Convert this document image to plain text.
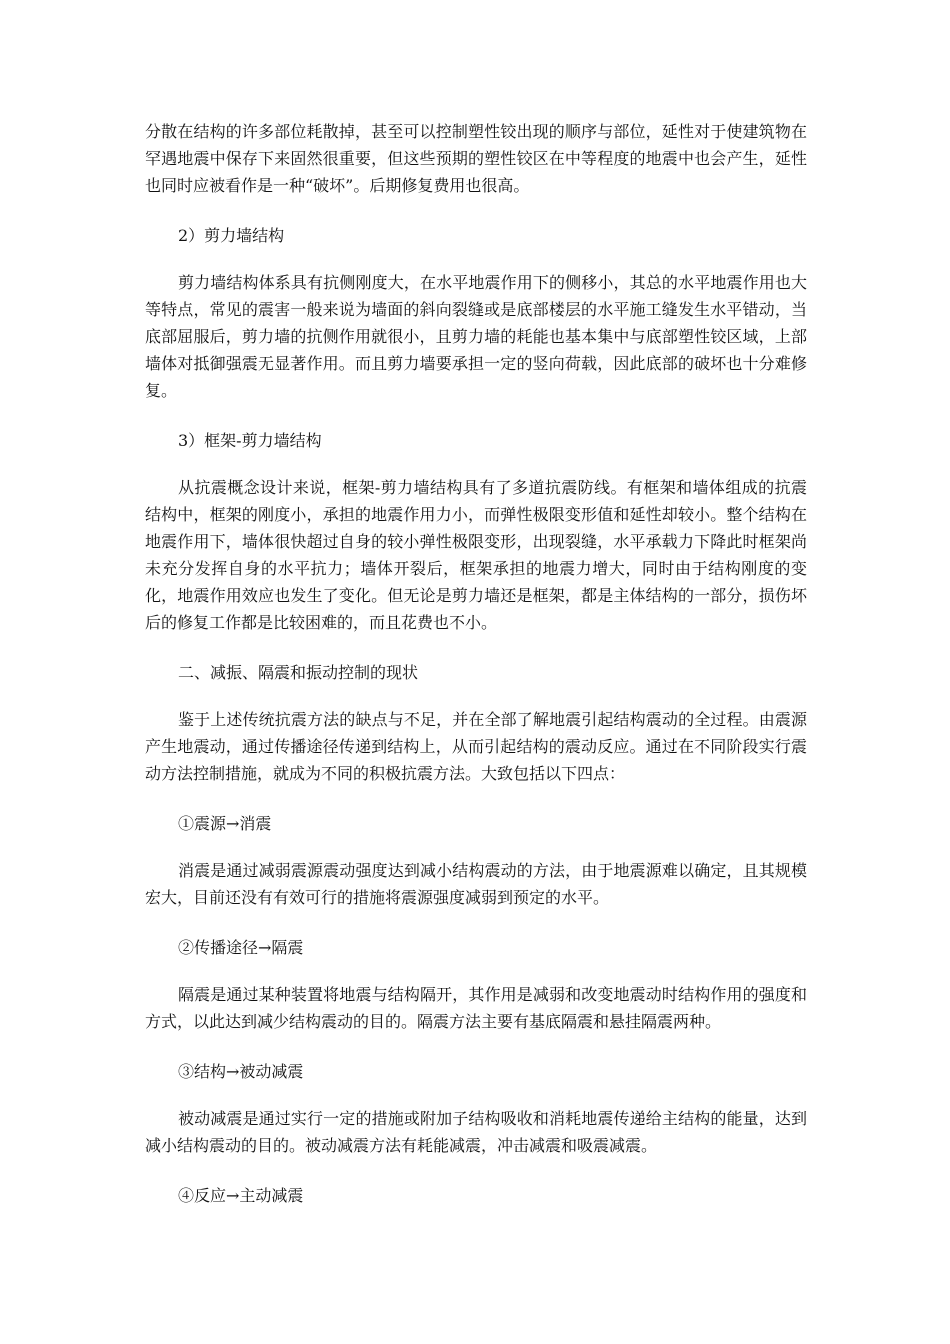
分散在结构的许多部位耗散掉，甚至可以控制塑性铰出现的顺序与部位，延性对于使建筑物在罕遇地震中保存下来固然很重要，但这些预期的塑性铰区在中等程度的地震中也会产生，延性也同时应被看作是一种“破坏”。后期修复费用也很高。

2）剪力墙结构

剪力墙结构体系具有抗侧刚度大，在水平地震作用下的侧移小，其总的水平地震作用也大等特点，常见的震害一般来说为墙面的斜向裂缝或是底部楼层的水平施工缝发生水平错动，当底部屈服后，剪力墙的抗侧作用就很小，且剪力墙的耗能也基本集中与底部塑性铰区域，上部墙体对抵御强震无显著作用。而且剪力墙要承担一定的竖向荷载，因此底部的破坏也十分难修复。

3）框架-剪力墙结构

从抗震概念设计来说，框架-剪力墙结构具有了多道抗震防线。有框架和墙体组成的抗震结构中，框架的刚度小，承担的地震作用力小，而弹性极限变形值和延性却较小。整个结构在地震作用下，墙体很快超过自身的较小弹性极限变形，出现裂缝，水平承载力下降此时框架尚未充分发挥自身的水平抗力；墙体开裂后，框架承担的地震力增大，同时由于结构刚度的变化，地震作用效应也发生了变化。但无论是剪力墙还是框架，都是主体结构的一部分，损伤坏后的修复工作都是比较困难的，而且花费也不小。

二、减振、隔震和振动控制的现状

鉴于上述传统抗震方法的缺点与不足，并在全部了解地震引起结构震动的全过程。由震源产生地震动，通过传播途径传递到结构上，从而引起结构的震动反应。通过在不同阶段实行震动方法控制措施，就成为不同的积极抗震方法。大致包括以下四点：

①震源→消震

消震是通过减弱震源震动强度达到减小结构震动的方法，由于地震源难以确定，且其规模宏大，目前还没有有效可行的措施将震源强度减弱到预定的水平。

②传播途径→隔震

隔震是通过某种装置将地震与结构隔开，其作用是减弱和改变地震动时结构作用的强度和方式，以此达到减少结构震动的目的。隔震方法主要有基底隔震和悬挂隔震两种。

③结构→被动减震

被动减震是通过实行一定的措施或附加子结构吸收和消耗地震传递给主结构的能量，达到减小结构震动的目的。被动减震方法有耗能减震，冲击减震和吸震减震。

④反应→主动减震
